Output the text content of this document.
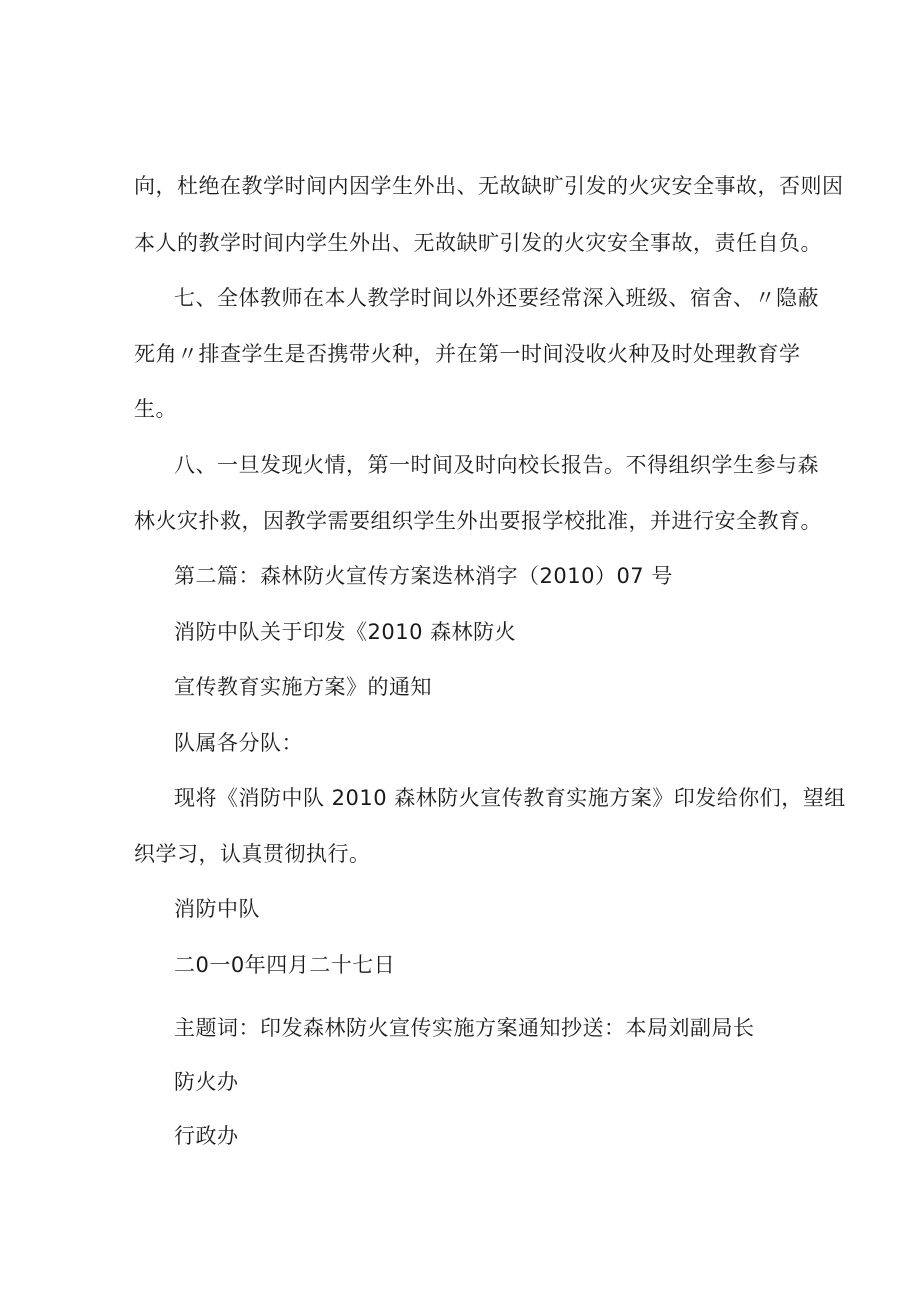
向，杜绝在教学时间内因学生外出、无故缺旷引发的火灾安全事故，否则因
本人的教学时间内学生外出、无故缺旷引发的火灾安全事故，责任自负。
七、全体教师在本人教学时间以外还要经常深入班级、宿舍、〃隐蔽
死角〃排查学生是否携带火种，并在第一时间没收火种及时处理教育学
生。
八、一旦发现火情，第一时间及时向校长报告。不得组织学生参与森
林火灾扑救，因教学需要组织学生外出要报学校批准，并进行安全教育。
第二篇：森林防火宣传方案迭林消字（2010）07 号
消防中队关于印发《2010 森林防火
宣传教育实施方案》的通知
队属各分队：
现将《消防中队 2010 森林防火宣传教育实施方案》印发给你们，望组
织学习，认真贯彻执行。
消防中队
二0一0年四月二十七日
主题词：印发森林防火宣传实施方案通知抄送：本局刘副局长
防火办
行政办
